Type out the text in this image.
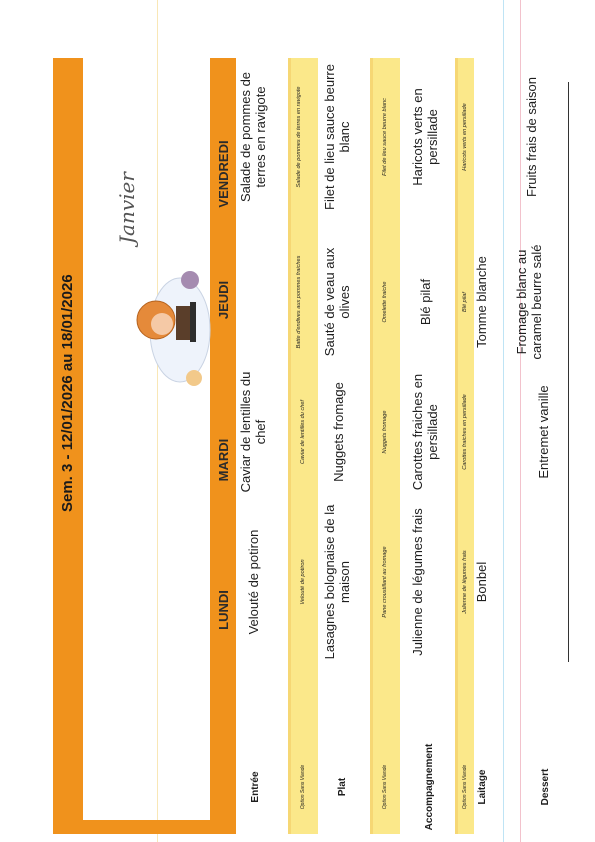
Sem. 3 - 12/01/2026 au 18/01/2026
Janvier
LUNDI
MARDI
JEUDI
VENDREDI
Entrée
Velouté de potiron
Caviar de lentilles du chef
Salade de pommes de terres en ravigote
Option Sans Viande
Velouté de potiron
Caviar de lentilles du chef
Batte d'endives aux pommes fraiches
Salade de pommes de terres en ravigote
Plat
Lasagnes bolognaise de la maison
Nuggets fromage
Sauté de veau aux olives
Filet de lieu sauce beurre blanc
Option Sans Viande
Pane croustillant au fromage
Nuggets fromage
Omelette fraiche
Filet de lieu sauce beurre blanc
Accompagnement
Julienne de légumes frais
Carottes fraiches en persillade
Blé pilaf
Haricots verts en persillade
Option Sans Viande
Julienne de légumes frais
Carottes fraiches en persillade
Blé pilaf
Haricots verts en persillade
Laitage
Bonbel
Tomme blanche
Dessert
Entremet vanille
Fromage blanc au caramel beurre salé
Fruits frais de saison
